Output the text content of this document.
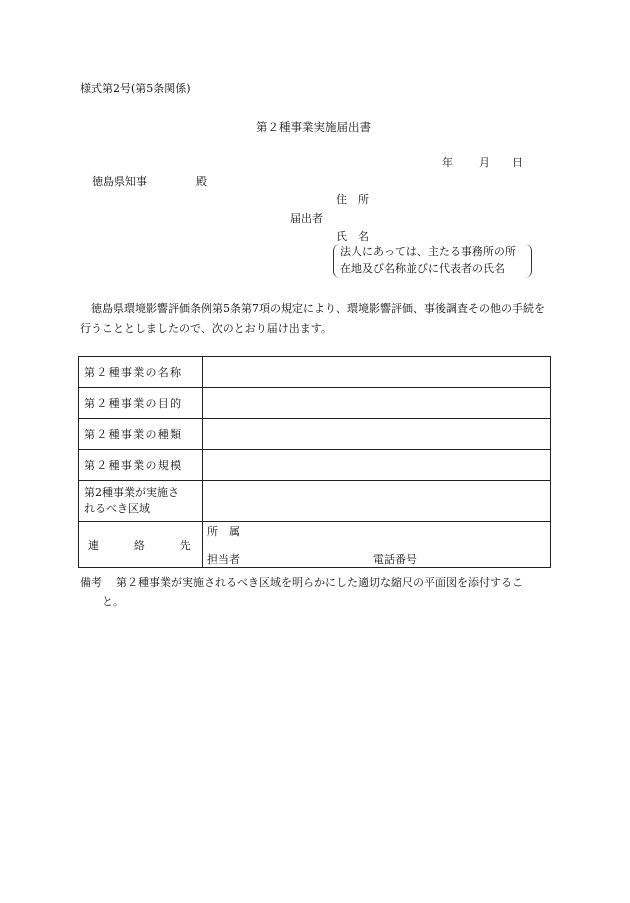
様式第2号(第5条関係)
第２種事業実施届出書
年 月 日
徳島県知事	殿
住　所
届出者
氏　名
法人にあっては、主たる事務所の所
在地及び名称並びに代表者の氏名
徳島県環境影響評価条例第5条第7項の規定により、環境影響評価、事後調査その他の手続を行うこととしましたので、次のとおり届け出ます。
第２種事業の名称	
第２種事業の目的	
第２種事業の種類	
第２種事業の規模	
第2種事業が実施さ
れるべき区域	

連 絡 先	所　属
担当者 電話番号
備考 第２種事業が実施されるべき区域を明らかにした適切な縮尺の平面図を添付するこ
と。
